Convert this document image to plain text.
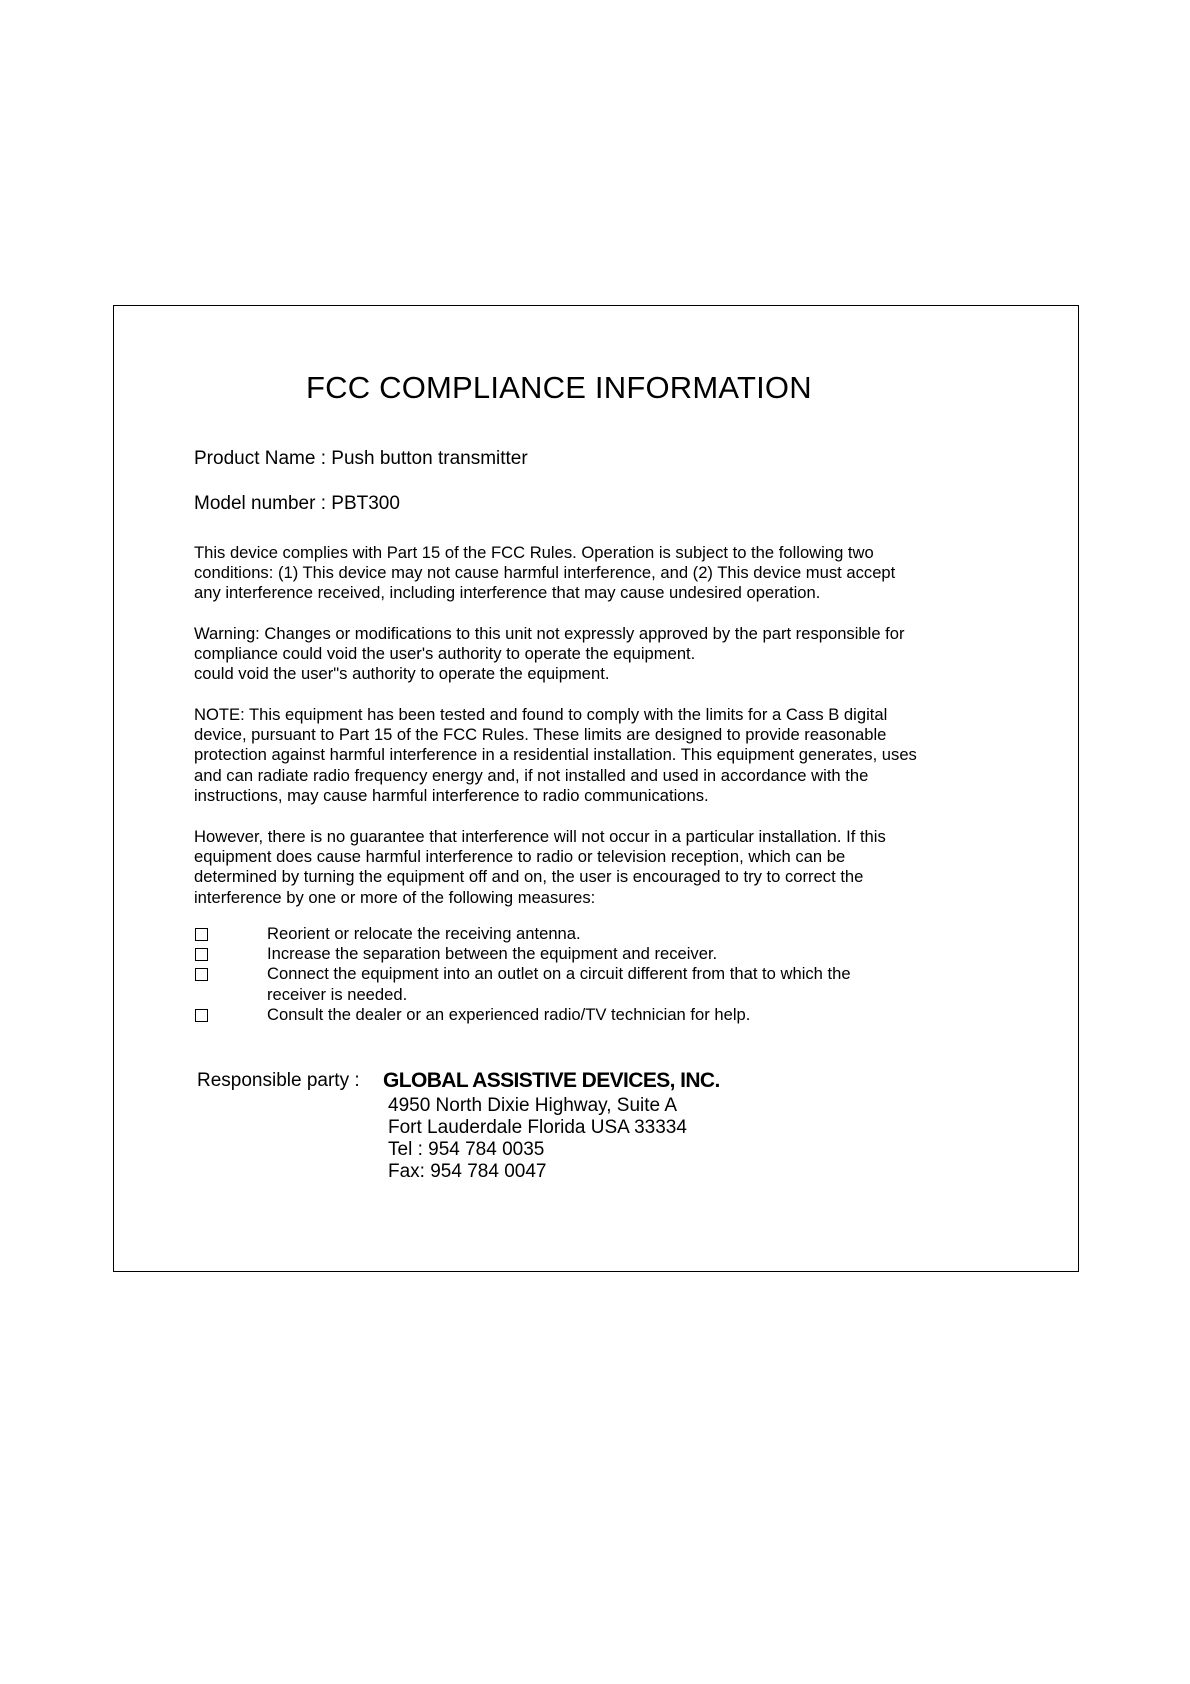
FCC COMPLIANCE INFORMATION
Product Name : Push button transmitter
Model number : PBT300

This device complies with Part 15 of the FCC Rules. Operation is subject to the following two
conditions: (1) This device may not cause harmful interference, and (2) This device must accept
any interference received, including interference that may cause undesired operation.

Warning: Changes or modifications to this unit not expressly approved by the part responsible for
compliance could void the user's authority to operate the equipment.
could void the user"s authority to operate the equipment.

NOTE: This equipment has been tested and found to comply with the limits for a Cass B digital
device, pursuant to Part 15 of the FCC Rules. These limits are designed to provide reasonable
protection against harmful interference in a residential installation. This equipment generates, uses
and can radiate radio frequency energy and, if not installed and used in accordance with the
instructions, may cause harmful interference to radio communications.

However, there is no guarantee that interference will not occur in a particular installation. If this
equipment does cause harmful interference to radio or television reception, which can be
determined by turning the equipment off and on, the user is encouraged to try to correct the
interference by one or more of the following measures:

Reorient or relocate the receiving antenna.
Increase the separation between the equipment and receiver.
Connect the equipment into an outlet on a circuit different from that to which the
receiver is needed.
Consult the dealer or an experienced radio/TV technician for help.
Responsible party : GLOBAL ASSISTIVE DEVICES, INC.
4950 North Dixie Highway, Suite A
Fort Lauderdale Florida USA 33334
Tel : 954 784 0035
Fax: 954 784 0047
